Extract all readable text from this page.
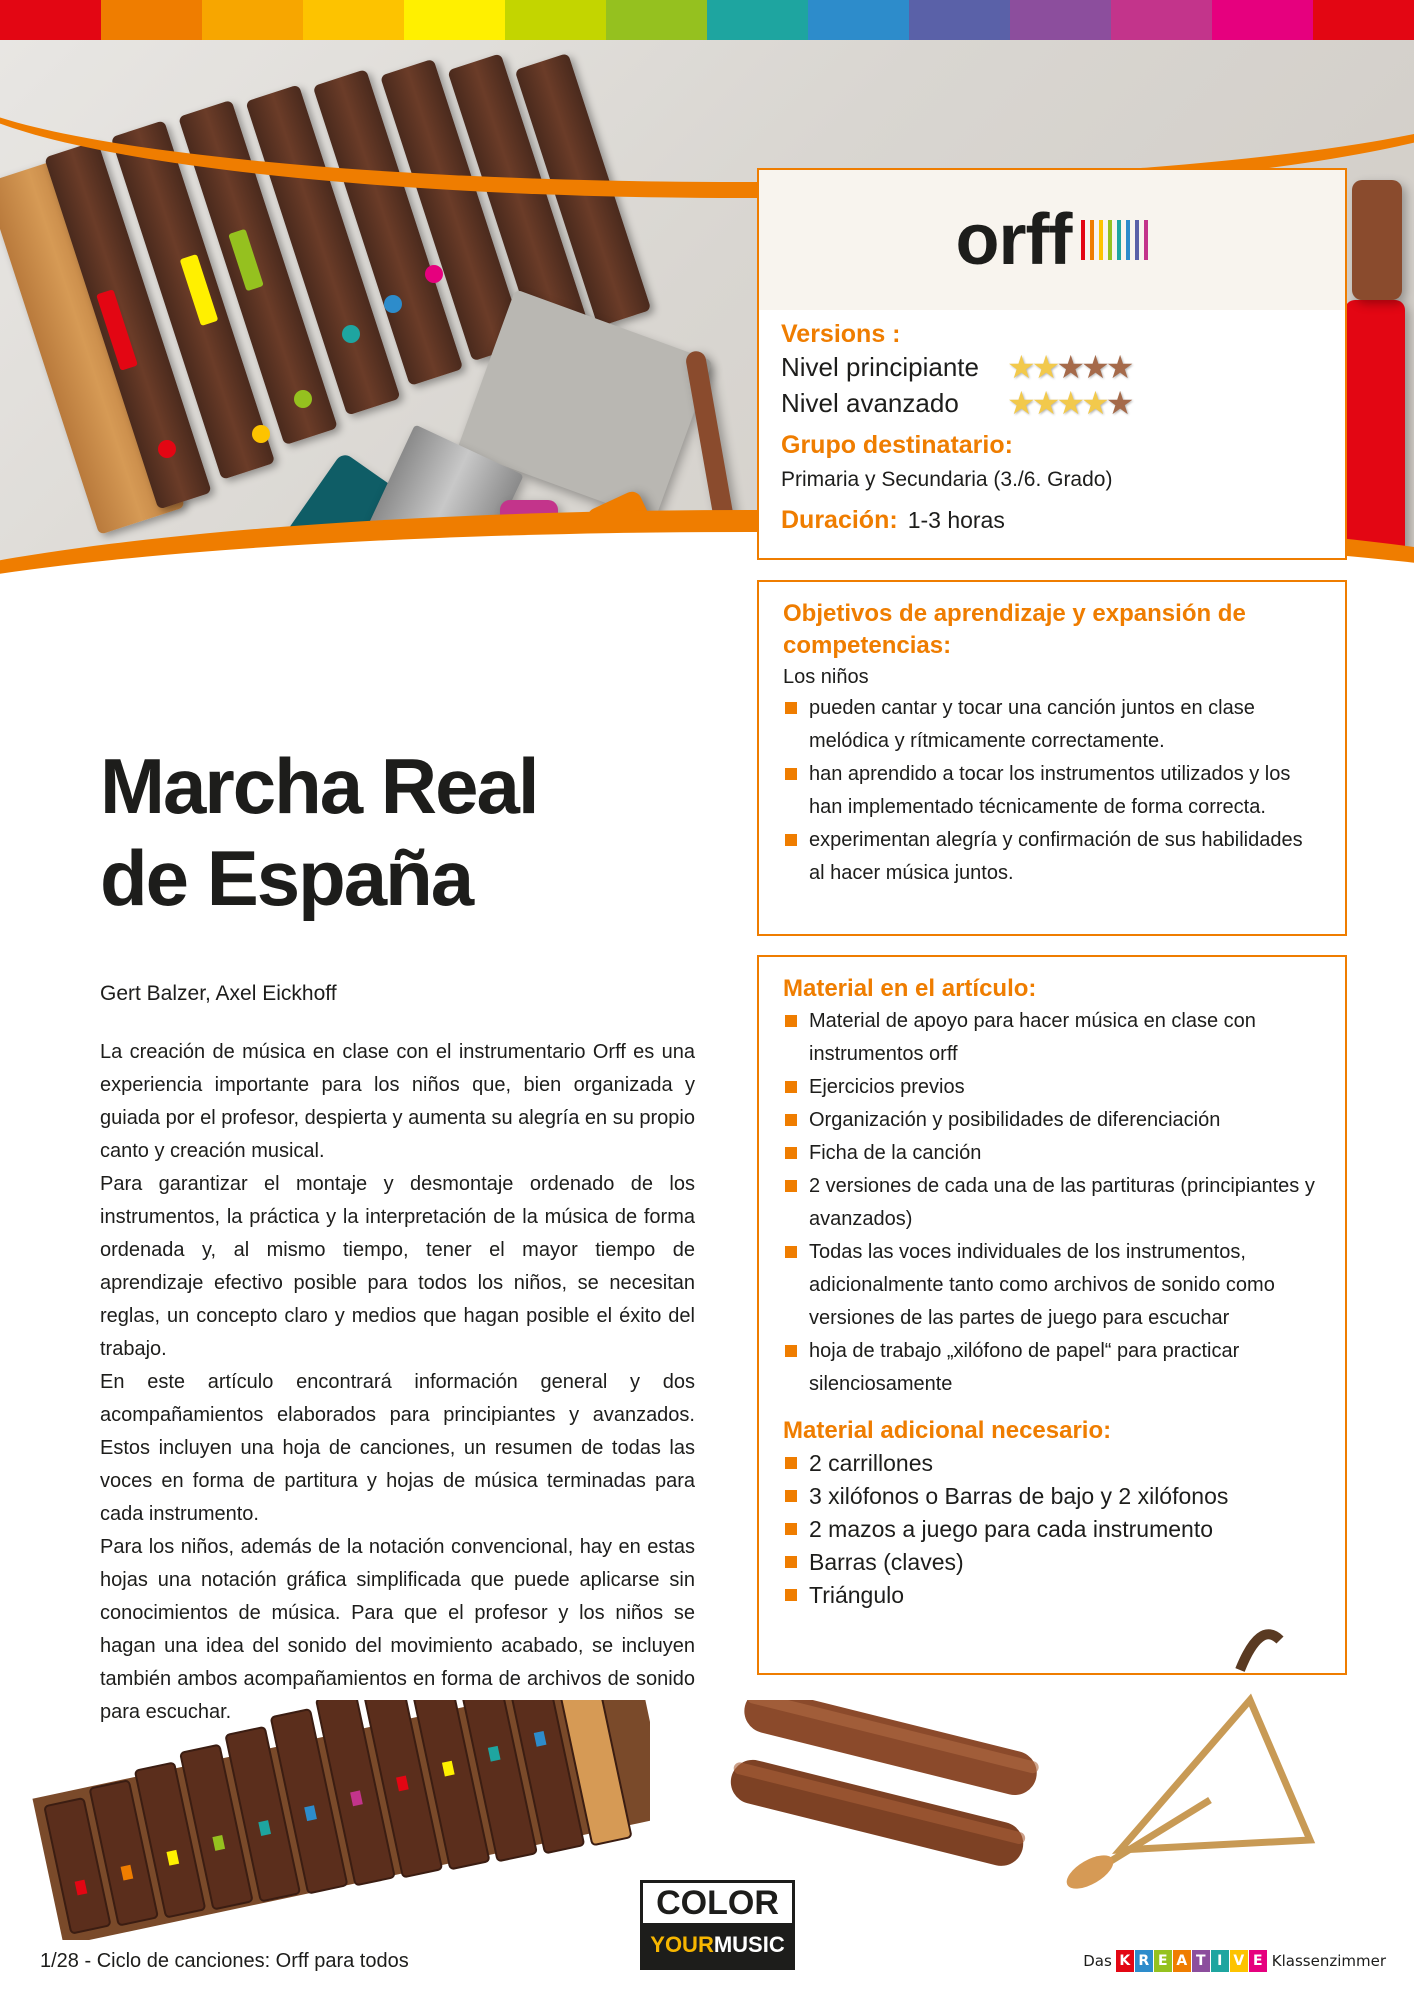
orff
Versions :
Nivel principiante ★★★★★
Nivel avanzado	★★★★★
Grupo destinatario:
Primaria y Secundaria (3./6. Grado)
Duración: 1-3 horas
Objetivos de aprendizaje y expansión de competencias:
Los niños
pueden cantar y tocar una canción juntos en clase melódica y rítmicamente correctamente.
han aprendido a tocar los instrumentos utilizados y los han implementado técnicamente de forma correcta.
experimentan alegría y confirmación de sus habilidades al hacer música juntos.
Material en el artículo:
Material de apoyo para hacer música en clase con instrumentos orff
Ejercicios previos
Organización y posibilidades de diferenciación
Ficha de la canción
2 versiones de cada una de las partituras (principiantes y avanzados)
Todas las voces individuales de los instrumentos, adicionalmente tanto como archivos de sonido como versiones de las partes de juego para escuchar
hoja de trabajo „xilófono de papel“ para practicar silenciosamente
Material adicional necesario:
2 carrillones
3 xilófonos o Barras de bajo y 2 xilófonos
2 mazos a juego para cada instrumento
Barras (claves)
Triángulo
Marcha Real
de España
Gert Balzer, Axel Eickhoff

La creación de música en clase con el instrumentario Orff es una experiencia importante para los niños que, bien organizada y guiada por el profesor, despierta y aumenta su alegría en su propio canto y creación musical.

Para garantizar el montaje y desmontaje ordenado de los instrumentos, la práctica y la interpretación de la música de forma ordenada y, al mismo tiempo, tener el mayor tiempo de aprendizaje efectivo posible para todos los niños, se necesitan reglas, un concepto claro y medios que hagan posible el éxito del trabajo.

En este artículo encontrará información general y dos acompañamientos elaborados para principiantes y avanzados. Estos incluyen una hoja de canciones, un resumen de todas las voces en forma de partitura y hojas de música terminadas para cada instrumento.

Para los niños, además de la notación convencional, hay en estas hojas una notación gráfica simplificada que puede aplicarse sin conocimientos de música. Para que el profesor y los niños se hagan una idea del sonido del movimiento acabado, se incluyen también ambos acompañamientos en forma de archivos de sonido para escuchar.

COLOR
YOURMUSIC
1/28 - Ciclo de canciones: Orff para todos	Das K R E A T I V E Klassenzimmer
